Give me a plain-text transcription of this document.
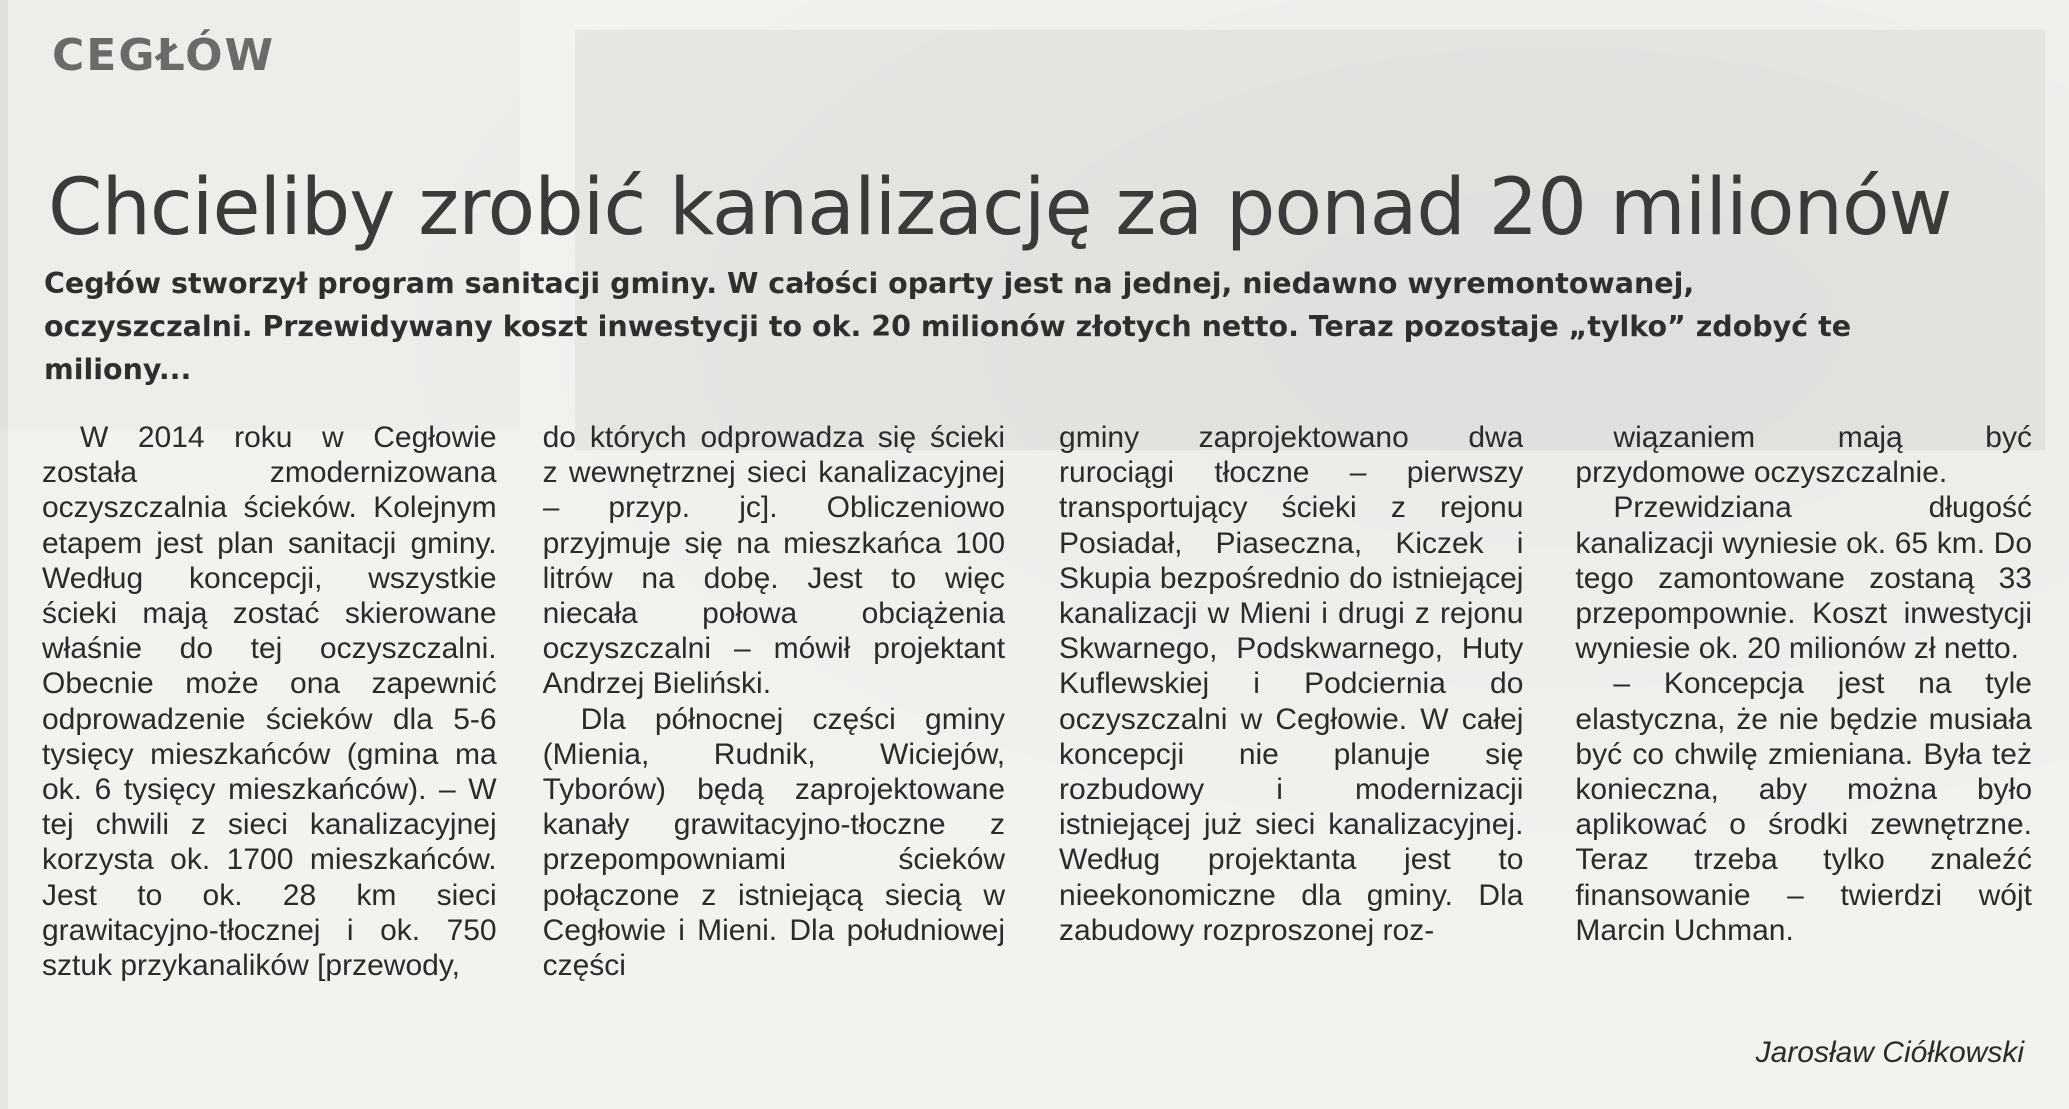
CEGŁÓW
Chcieliby zrobić kanalizację za ponad 20 milionów
Cegłów stworzył program sanitacji gminy. W całości oparty jest na jednej, niedawno wyremontowanej, oczyszczalni. Przewidywany koszt inwestycji to ok. 20 milionów złotych netto. Teraz pozostaje „tylko” zdobyć te miliony...

W 2014 roku w Cegłowie została zmodernizowana oczyszczalnia ścieków. Kolejnym etapem jest plan sanitacji gminy. Według koncepcji, wszystkie ścieki mają zostać skierowane właśnie do tej oczyszczalni. Obecnie może ona zapewnić odprowadzenie ścieków dla 5-6 tysięcy mieszkańców (gmina ma ok. 6 tysięcy mieszkańców). – W tej chwili z sieci kanalizacyjnej korzysta ok. 1700 mieszkańców. Jest to ok. 28 km sieci grawitacyjno-tłocznej i ok. 750 sztuk przykanalików [przewody,

do których odprowadza się ścieki z wewnętrznej sieci kanalizacyjnej – przyp. jc]. Obliczeniowo przyjmuje się na mieszkańca 100 litrów na dobę. Jest to więc niecała połowa obciążenia oczyszczalni – mówił projektant Andrzej Bieliński.

Dla północnej części gminy (Mienia, Rudnik, Wiciejów, Tyborów) będą zaprojektowane kanały grawitacyjno-tłoczne z przepompowniami ścieków połączone z istniejącą siecią w Cegłowie i Mieni. Dla południowej części

gminy zaprojektowano dwa rurociągi tłoczne – pierwszy transportujący ścieki z rejonu Posiadał, Piaseczna, Kiczek i Skupia bezpośrednio do istniejącej kanalizacji w Mieni i drugi z rejonu Skwarnego, Podskwarnego, Huty Kuflewskiej i Podciernia do oczyszczalni w Cegłowie. W całej koncepcji nie planuje się rozbudowy i modernizacji istniejącej już sieci kanalizacyjnej. Według projektanta jest to nieekonomiczne dla gminy. Dla zabudowy rozproszonej roz-

wiązaniem mają być przydomowe oczyszczalnie.

Przewidziana długość kanalizacji wyniesie ok. 65 km. Do tego zamontowane zostaną 33 przepompownie. Koszt inwestycji wyniesie ok. 20 milionów zł netto.

– Koncepcja jest na tyle elastyczna, że nie będzie musiała być co chwilę zmieniana. Była też konieczna, aby można było aplikować o środki zewnętrzne. Teraz trzeba tylko znaleźć finansowanie – twierdzi wójt Marcin Uchman.

Jarosław Ciółkowski
